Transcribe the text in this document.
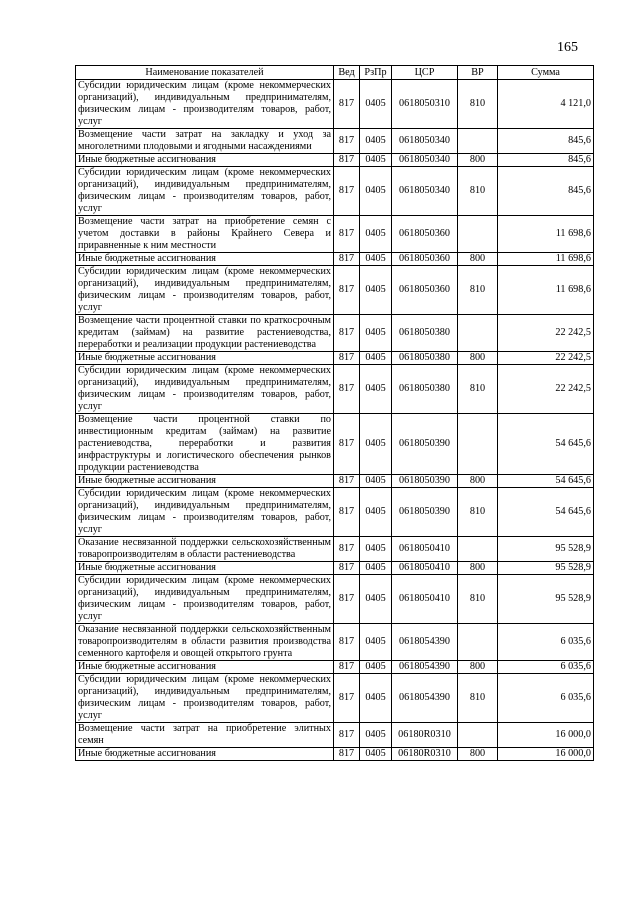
165
Наименование показателей	Вед	РзПр	ЦСР	ВР	Сумма
Субсидии юридическим лицам (кроме некоммерческих организаций), индивидуальным предпринимателям, физическим лицам - производителям товаров, работ, услуг	817	0405	0618050310	810	4 121,0
Возмещение части затрат на закладку и уход за многолетними плодовыми и ягодными насаждениями	817	0405	0618050340		845,6
Иные бюджетные ассигнования	817	0405	0618050340	800	845,6
Субсидии юридическим лицам (кроме некоммерческих организаций), индивидуальным предпринимателям, физическим лицам - производителям товаров, работ, услуг	817	0405	0618050340	810	845,6
Возмещение части затрат на приобретение семян с учетом доставки в районы Крайнего Севера и приравненные к ним местности	817	0405	0618050360		11 698,6
Иные бюджетные ассигнования	817	0405	0618050360	800	11 698,6
Субсидии юридическим лицам (кроме некоммерческих организаций), индивидуальным предпринимателям, физическим лицам - производителям товаров, работ, услуг	817	0405	0618050360	810	11 698,6
Возмещение части процентной ставки по краткосрочным кредитам (займам) на развитие растениеводства, переработки и реализации продукции растениеводства	817	0405	0618050380		22 242,5
Иные бюджетные ассигнования	817	0405	0618050380	800	22 242,5
Субсидии юридическим лицам (кроме некоммерческих организаций), индивидуальным предпринимателям, физическим лицам - производителям товаров, работ, услуг	817	0405	0618050380	810	22 242,5
Возмещение части процентной ставки по инвестиционным кредитам (займам) на развитие растениеводства, переработки и развития инфраструктуры и логистического обеспечения рынков продукции растениеводства	817	0405	0618050390		54 645,6
Иные бюджетные ассигнования	817	0405	0618050390	800	54 645,6
Субсидии юридическим лицам (кроме некоммерческих организаций), индивидуальным предпринимателям, физическим лицам - производителям товаров, работ, услуг	817	0405	0618050390	810	54 645,6
Оказание несвязанной поддержки сельскохозяйственным товаропроизводителям в области растениеводства	817	0405	0618050410		95 528,9
Иные бюджетные ассигнования	817	0405	0618050410	800	95 528,9
Субсидии юридическим лицам (кроме некоммерческих организаций), индивидуальным предпринимателям, физическим лицам - производителям товаров, работ, услуг	817	0405	0618050410	810	95 528,9
Оказание несвязанной поддержки сельскохозяйственным товаропроизводителям в области развития производства семенного картофеля и овощей открытого грунта	817	0405	0618054390		6 035,6
Иные бюджетные ассигнования	817	0405	0618054390	800	6 035,6
Субсидии юридическим лицам (кроме некоммерческих организаций), индивидуальным предпринимателям, физическим лицам - производителям товаров, работ, услуг	817	0405	0618054390	810	6 035,6
Возмещение части затрат на приобретение элитных семян	817	0405	06180R0310		16 000,0
Иные бюджетные ассигнования	817	0405	06180R0310	800	16 000,0
